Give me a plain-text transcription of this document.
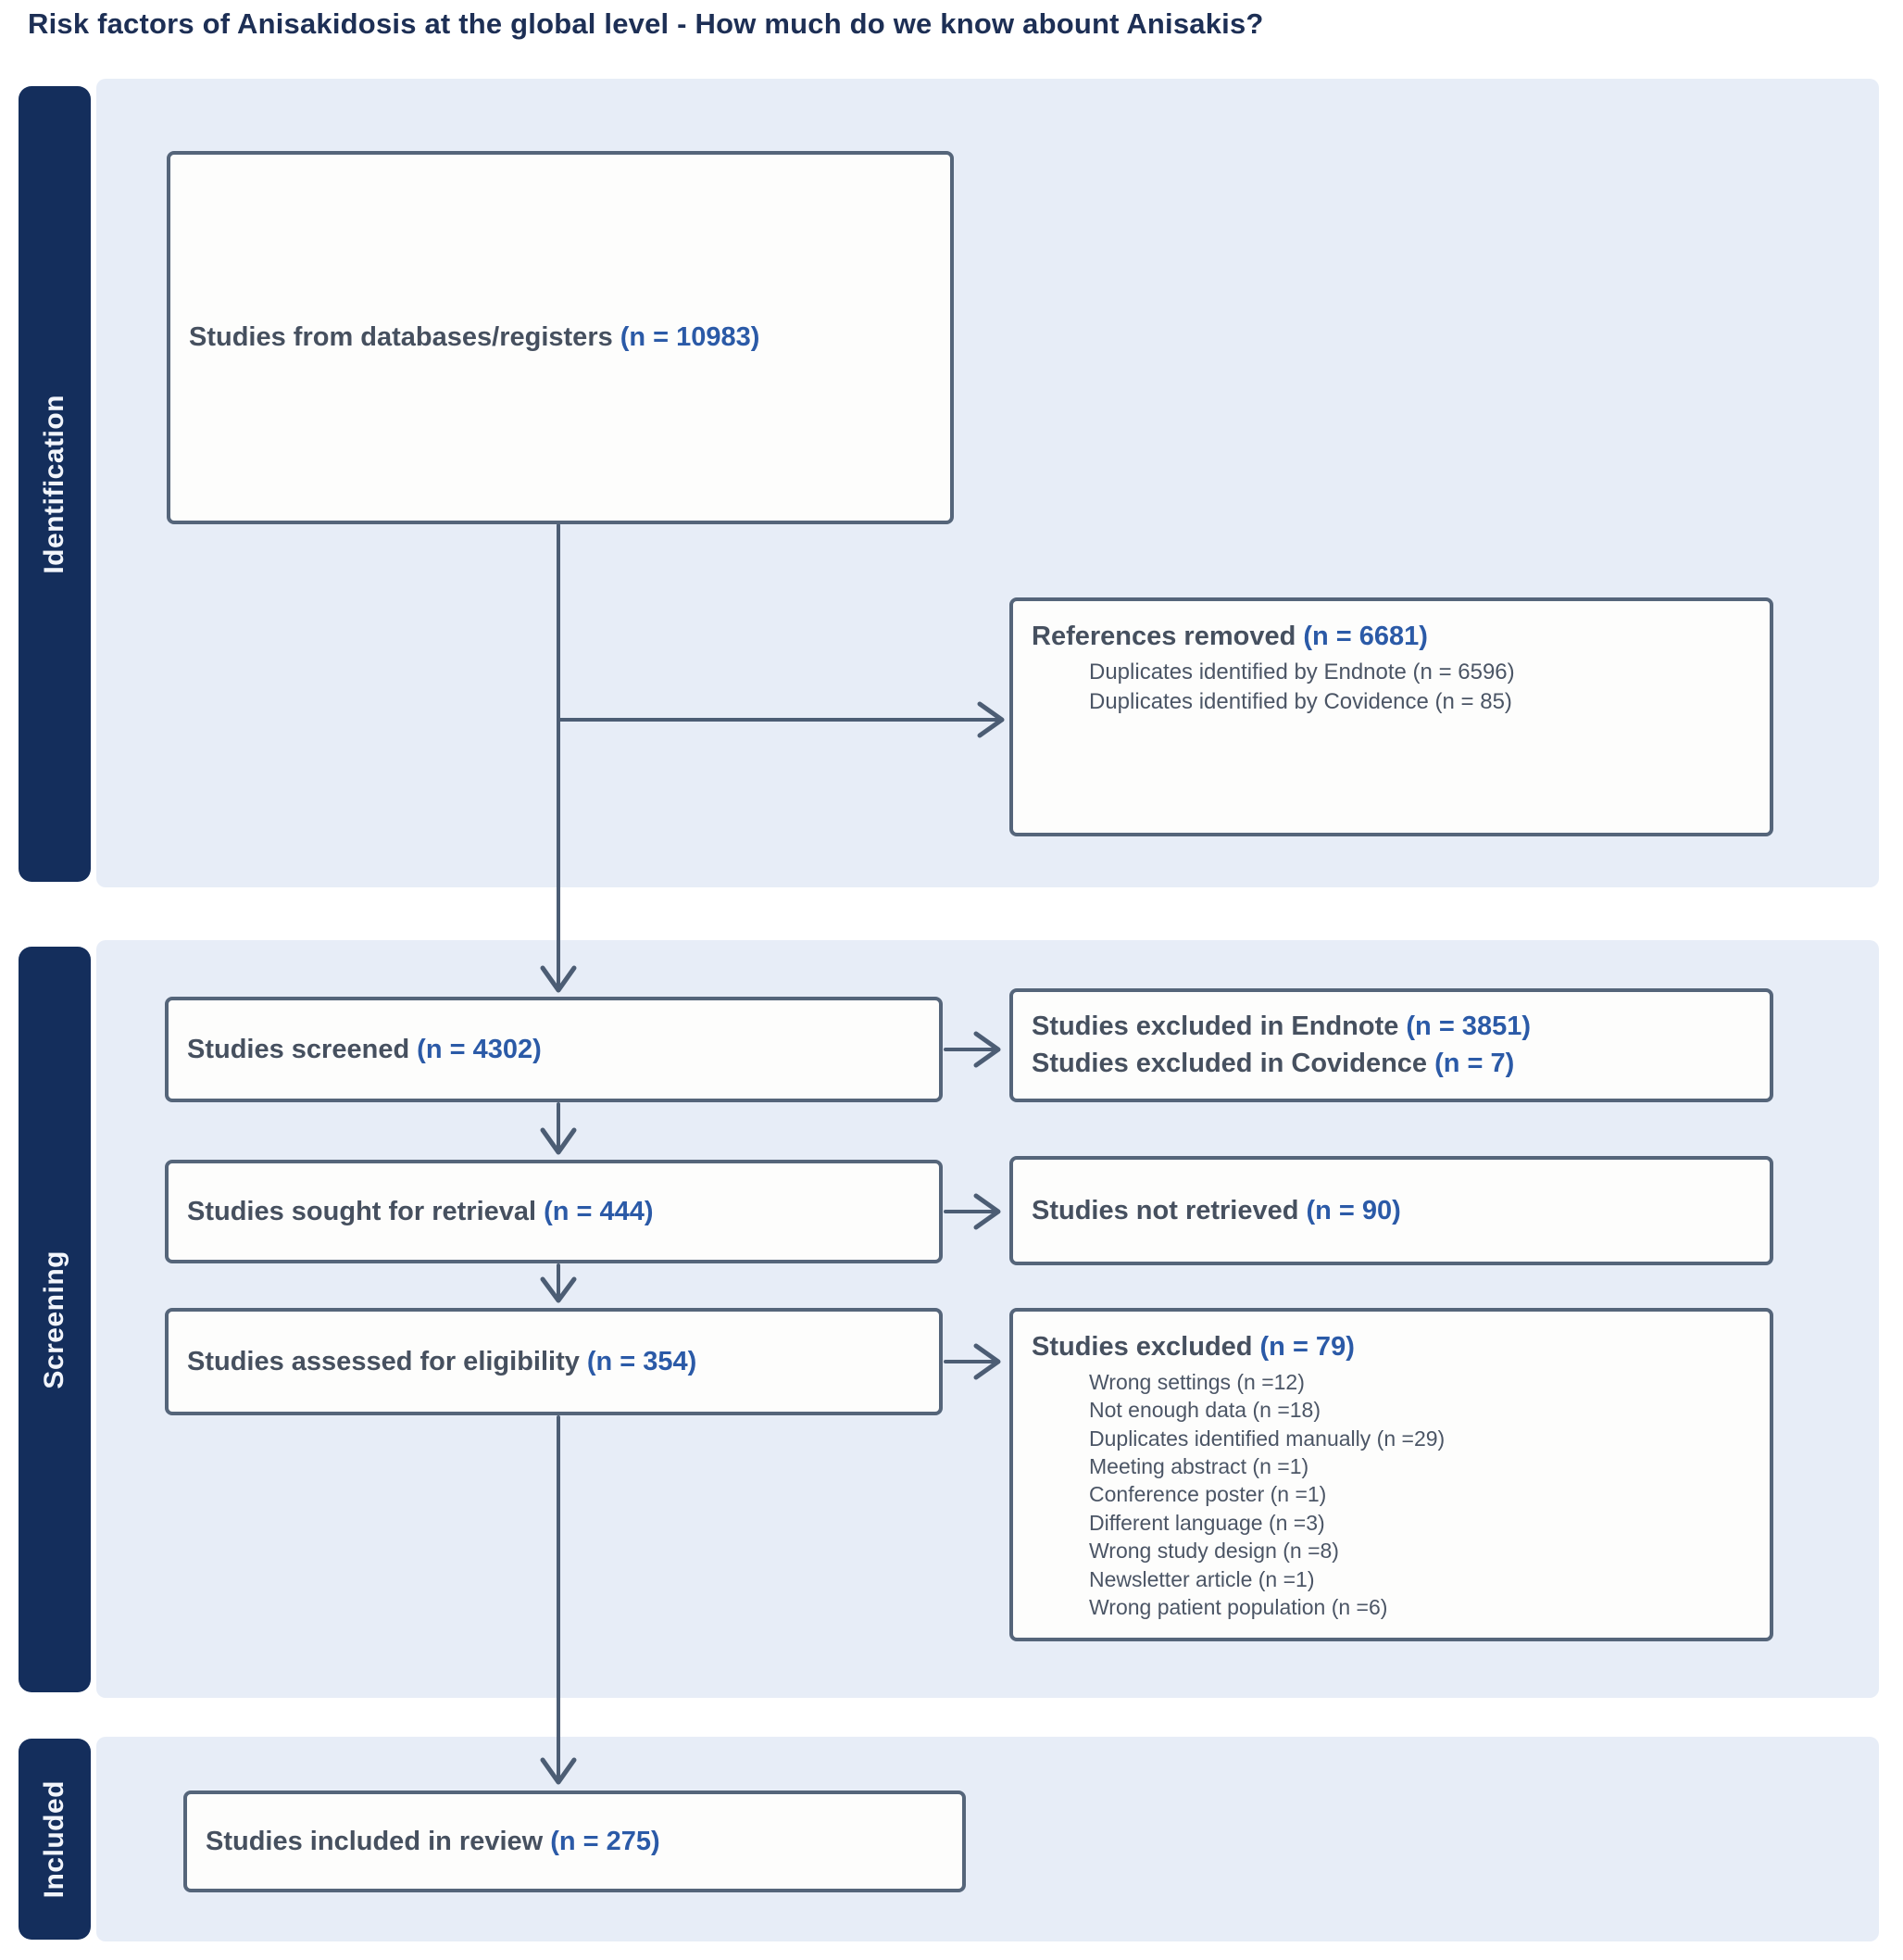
Risk factors of Anisakidosis at the global level - How much do we know abount Anisakis?
Identification
Screening
Included
Studies from databases/registers (n = 10983)
References removed (n = 6681)
Duplicates identified by Endnote (n = 6596)
Duplicates identified by Covidence (n = 85)
Studies screened (n = 4302)
Studies excluded in Endnote (n = 3851)
Studies excluded in Covidence (n = 7)
Studies sought for retrieval (n = 444)	Studies not retrieved (n = 90)
Studies assessed for eligibility (n = 354)	Studies excluded (n = 79)
Wrong settings (n =12)
Not enough data (n =18)
Duplicates identified manually (n =29)
Meeting abstract (n =1)
Conference poster (n =1)
Different language (n =3)
Wrong study design (n =8)
Newsletter article (n =1)
Wrong patient population (n =6)
Studies included in review (n = 275)
